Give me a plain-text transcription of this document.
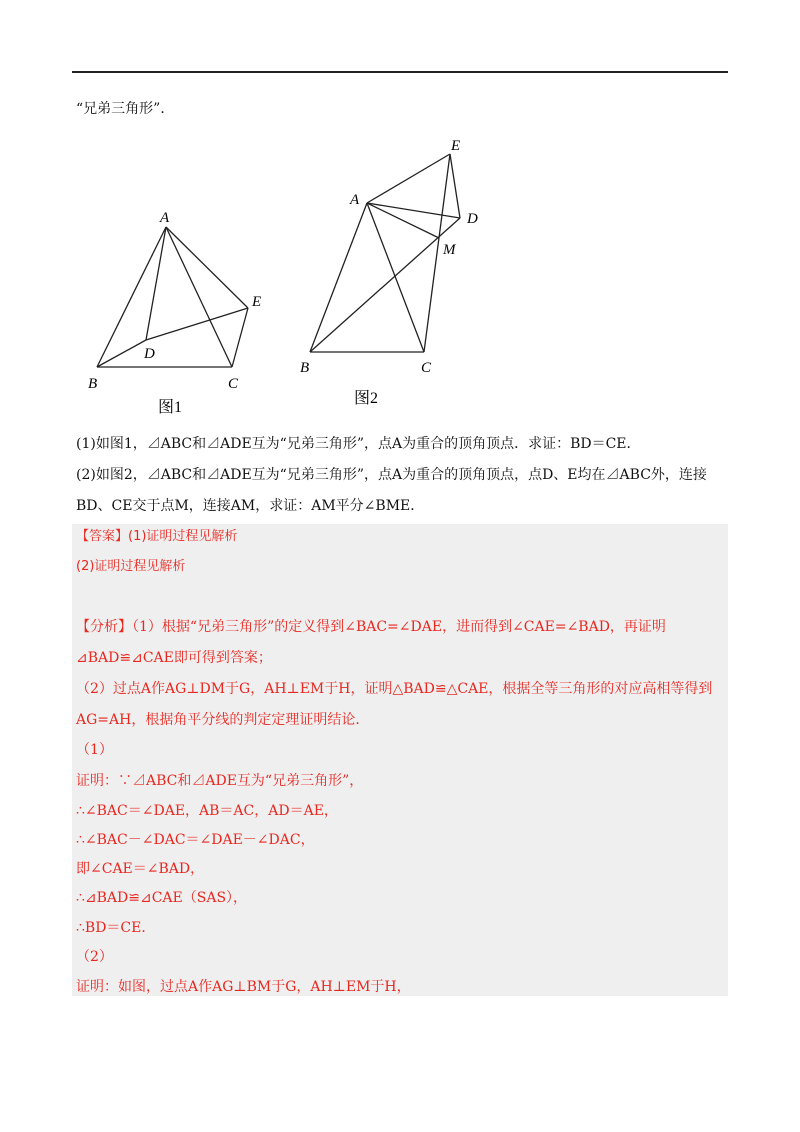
“兄弟三角形”．
A
B	C
D
E
图1
A
B	C
D
E
M
图2
(1)如图1，⊿ABC和⊿ADE互为“兄弟三角形”，点A为重合的顶角顶点．求证：BD＝CE．
(2)如图2，⊿ABC和⊿ADE互为“兄弟三角形”，点A为重合的顶角顶点，点D、E均在⊿ABC外，连接
BD、CE交于点M，连接AM，求证：AM平分∠BME．
【答案】(1)证明过程见解析
(2)证明过程见解析
【分析】（1）根据“兄弟三角形”的定义得到∠BAC=∠DAE，进而得到∠CAE=∠BAD，再证明
⊿BAD≌⊿CAE即可得到答案；
（2）过点A作AG⊥DM于G，AH⊥EM于H，证明△BAD≌△CAE，根据全等三角形的对应高相等得到
AG=AH，根据角平分线的判定定理证明结论．
（1）
证明：∵⊿ABC和⊿ADE互为“兄弟三角形”，
∴∠BAC＝∠DAE，AB＝AC，AD＝AE，
∴∠BAC－∠DAC＝∠DAE－∠DAC，
即∠CAE＝∠BAD，
∴⊿BAD≌⊿CAE（SAS），
∴BD＝CE．
（2）
证明：如图，过点A作AG⊥BM于G，AH⊥EM于H，
